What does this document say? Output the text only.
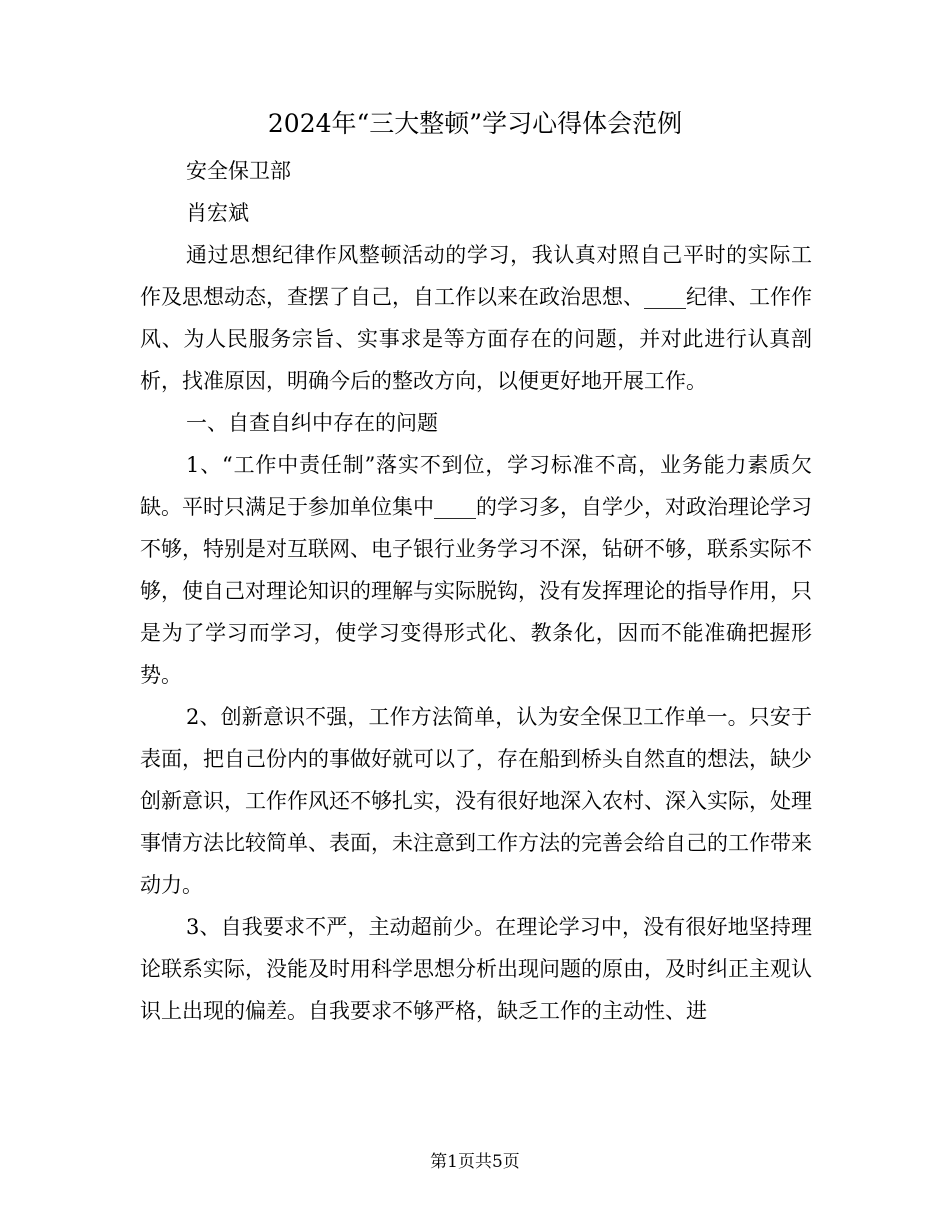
2024年“三大整顿”学习心得体会范例

安全保卫部

肖宏斌

通过思想纪律作风整顿活动的学习，我认真对照自己平时的实际工作及思想动态，查摆了自己，自工作以来在政治思想、____纪律、工作作风、为人民服务宗旨、实事求是等方面存在的问题，并对此进行认真剖析，找准原因，明确今后的整改方向，以便更好地开展工作。

一、自查自纠中存在的问题

1、“工作中责任制”落实不到位，学习标准不高，业务能力素质欠缺。平时只满足于参加单位集中____的学习多，自学少，对政治理论学习不够，特别是对互联网、电子银行业务学习不深，钻研不够，联系实际不够，使自己对理论知识的理解与实际脱钩，没有发挥理论的指导作用，只是为了学习而学习，使学习变得形式化、教条化，因而不能准确把握形势。

2、创新意识不强，工作方法简单，认为安全保卫工作单一。只安于表面，把自己份内的事做好就可以了，存在船到桥头自然直的想法，缺少创新意识，工作作风还不够扎实，没有很好地深入农村、深入实际，处理事情方法比较简单、表面，未注意到工作方法的完善会给自己的工作带来动力。

3、自我要求不严，主动超前少。在理论学习中，没有很好地坚持理论联系实际，没能及时用科学思想分析出现问题的原由，及时纠正主观认识上出现的偏差。自我要求不够严格，缺乏工作的主动性、进

第1页共5页
